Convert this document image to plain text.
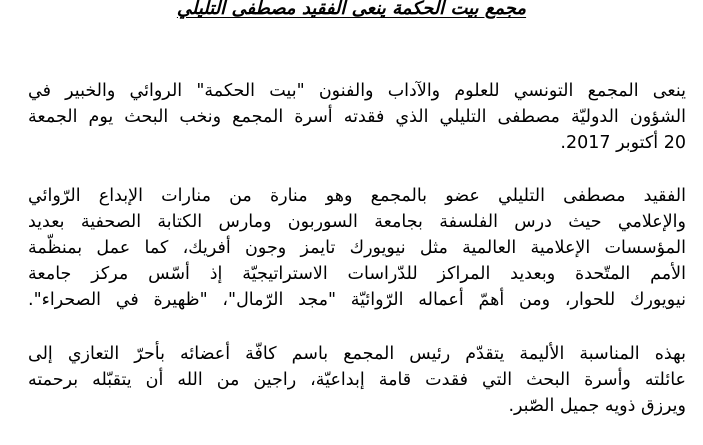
مجمع بيت الحكمة ينعى الفقيد مصطفى التليلي
ينعى المجمع التونسي للعلوم والآداب والفنون "بيت الحكمة" الروائي والخبير في
الشؤون الدوليّة مصطفى التليلي الذي فقدته أسرة المجمع ونخب البحث يوم الجمعة
20 أكتوبر 2017.
الفقيد مصطفى التليلي عضو بالمجمع وهو منارة من منارات الإبداع الرّوائي
والإعلامي حيث درس الفلسفة بجامعة السوربون ومارس الكتابة الصحفية بعديد
المؤسسات الإعلامية العالمية مثل نيويورك تايمز وجون أفريك، كما عمل بمنظّمة
الأمم المتّحدة وبعديد المراكز للدّراسات الاستراتيجيّة إذ أسّس مركز جامعة
نيويورك للحوار، ومن أهمّ أعماله الرّوائيّة "مجد الرّمال"، "ظهيرة في الصحراء".
بهذه المناسبة الأليمة يتقدّم رئيس المجمع باسم كافّة أعضائه بأحرّ التعازي إلى
عائلته وأسرة البحث التي فقدت قامة إبداعيّة، راجين من الله أن يتقبّله برحمته
ويرزق ذويه جميل الصّبر.
